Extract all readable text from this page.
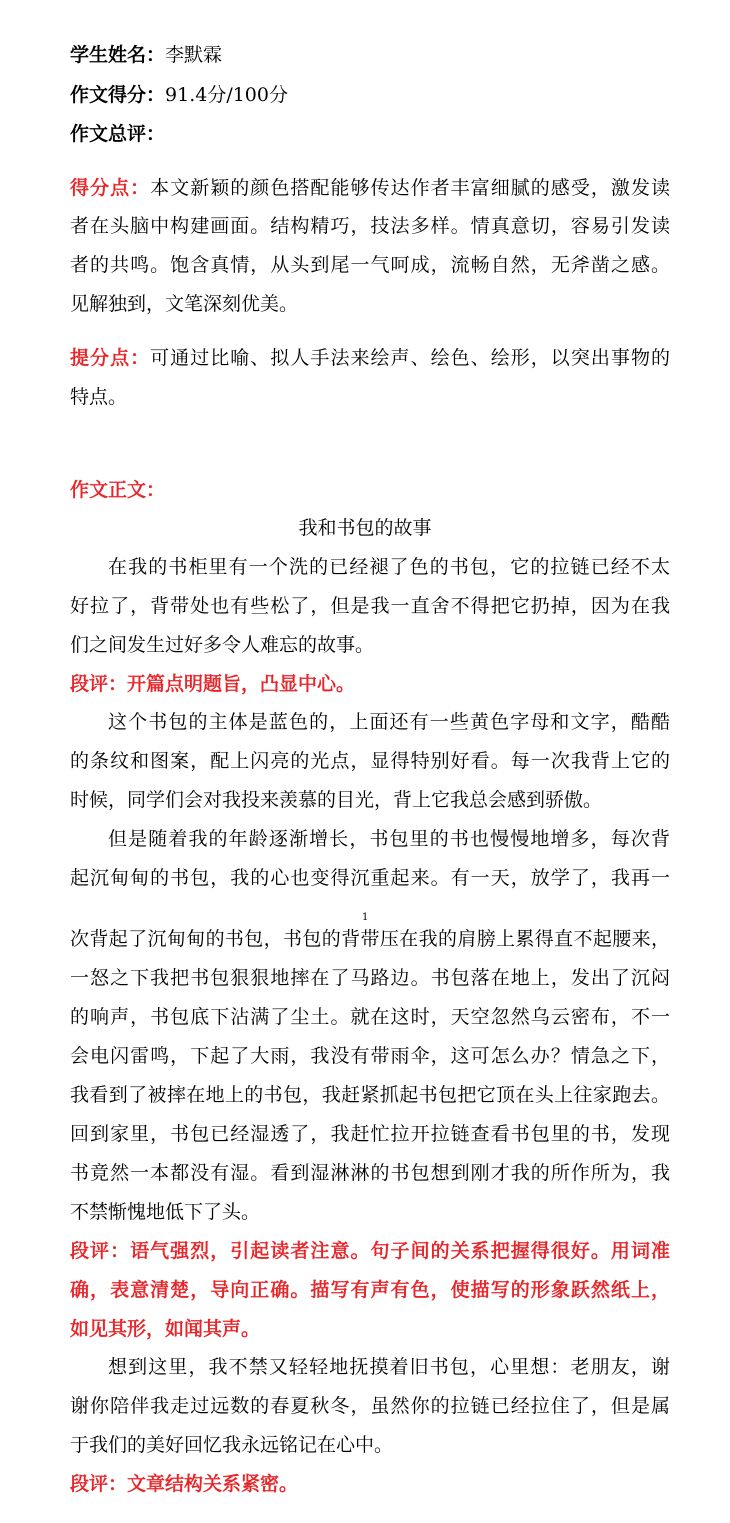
学生姓名：李默霖
作文得分：91.4分/100分
作文总评：
得分点：本文新颖的颜色搭配能够传达作者丰富细腻的感受，激发读
者在头脑中构建画面。结构精巧，技法多样。情真意切，容易引发读
者的共鸣。饱含真情，从头到尾一气呵成，流畅自然，无斧凿之感。
见解独到，文笔深刻优美。
提分点：可通过比喻、拟人手法来绘声、绘色、绘形，以突出事物的
特点。
作文正文：
我和书包的故事
在我的书柜里有一个洗的已经褪了色的书包，它的拉链已经不太
好拉了，背带处也有些松了，但是我一直舍不得把它扔掉，因为在我
们之间发生过好多令人难忘的故事。
段评：开篇点明题旨，凸显中心。
这个书包的主体是蓝色的，上面还有一些黄色字母和文字，酷酷
的条纹和图案，配上闪亮的光点，显得特别好看。每一次我背上它的
时候，同学们会对我投来羡慕的目光，背上它我总会感到骄傲。
但是随着我的年龄逐渐增长，书包里的书也慢慢地增多，每次背
起沉甸甸的书包，我的心也变得沉重起来。有一天，放学了，我再一
1
次背起了沉甸甸的书包，书包的背带压在我的肩膀上累得直不起腰来，
一怒之下我把书包狠狠地摔在了马路边。书包落在地上，发出了沉闷
的响声，书包底下沾满了尘土。就在这时，天空忽然乌云密布，不一
会电闪雷鸣，下起了大雨，我没有带雨伞，这可怎么办？情急之下，
我看到了被摔在地上的书包，我赶紧抓起书包把它顶在头上往家跑去。
回到家里，书包已经湿透了，我赶忙拉开拉链查看书包里的书，发现
书竟然一本都没有湿。看到湿淋淋的书包想到刚才我的所作所为，我
不禁惭愧地低下了头。
段评：语气强烈，引起读者注意。句子间的关系把握得很好。用词准
确，表意清楚，导向正确。描写有声有色，使描写的形象跃然纸上，
如见其形，如闻其声。
想到这里，我不禁又轻轻地抚摸着旧书包，心里想：老朋友，谢
谢你陪伴我走过远数的春夏秋冬，虽然你的拉链已经拉住了，但是属
于我们的美好回忆我永远铭记在心中。
段评：文章结构关系紧密。
